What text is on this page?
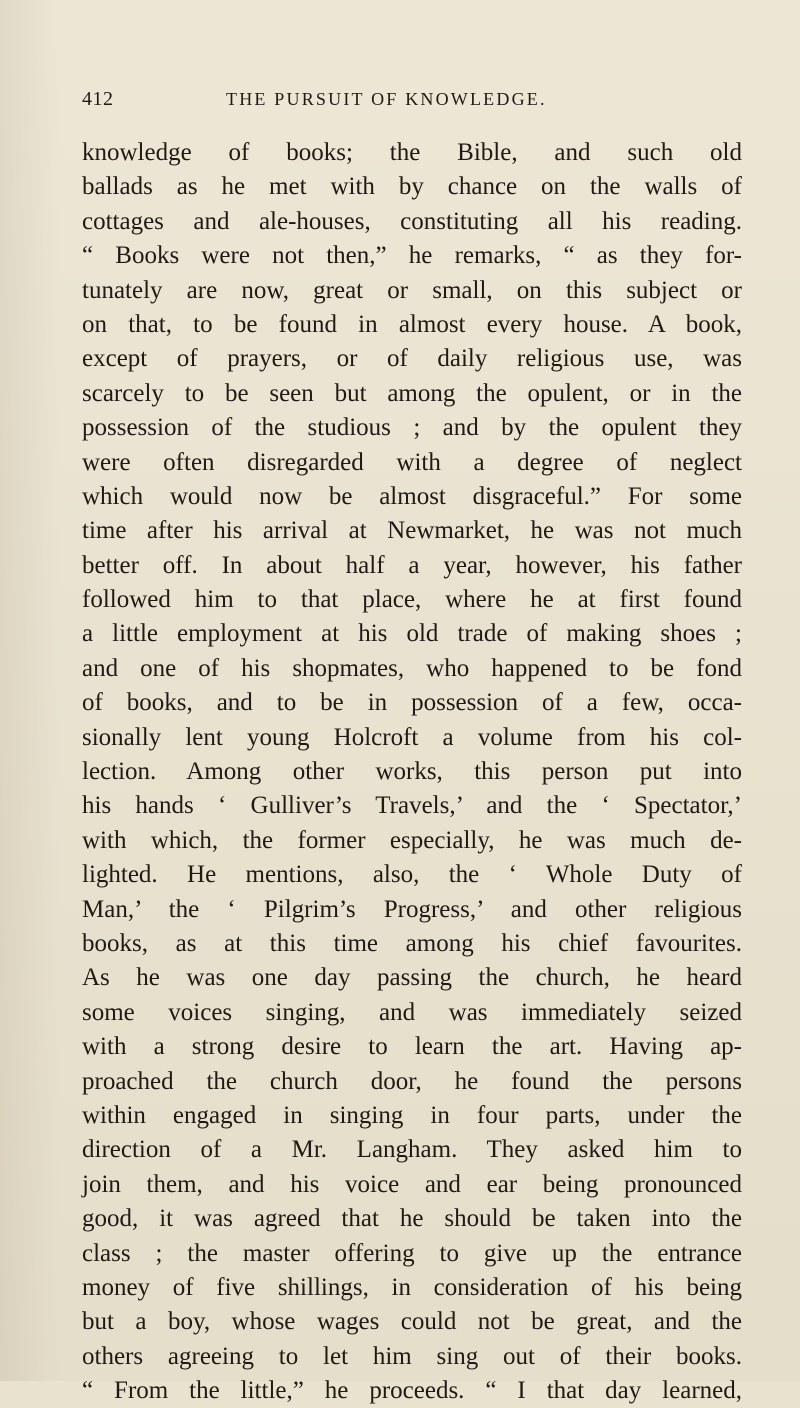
412	THE PURSUIT OF KNOWLEDGE.
knowledge of books; the Bible, and such old
ballads as he met with by chance on the walls of
cottages and ale-houses, constituting all his reading.
“ Books were not then,” he remarks, “ as they for-
tunately are now, great or small, on this subject or
on that, to be found in almost every house. A book,
except of prayers, or of daily religious use, was
scarcely to be seen but among the opulent, or in the
possession of the studious ; and by the opulent they
were often disregarded with a degree of neglect
which would now be almost disgraceful.” For some
time after his arrival at Newmarket, he was not much
better off. In about half a year, however, his father
followed him to that place, where he at first found
a little employment at his old trade of making shoes ;
and one of his shopmates, who happened to be fond
of books, and to be in possession of a few, occa-
sionally lent young Holcroft a volume from his col-
lection. Among other works, this person put into
his hands ‘ Gulliver’s Travels,’ and the ‘ Spectator,’
with which, the former especially, he was much de-
lighted. He mentions, also, the ‘ Whole Duty of
Man,’ the ‘ Pilgrim’s Progress,’ and other religious
books, as at this time among his chief favourites.
As he was one day passing the church, he heard
some voices singing, and was immediately seized
with a strong desire to learn the art. Having ap-
proached the church door, he found the persons
within engaged in singing in four parts, under the
direction of a Mr. Langham. They asked him to
join them, and his voice and ear being pronounced
good, it was agreed that he should be taken into the
class ; the master offering to give up the entrance
money of five shillings, in consideration of his being
but a boy, whose wages could not be great, and the
others agreeing to let him sing out of their books.
“ From the little,” he proceeds. “ I that day learned,
